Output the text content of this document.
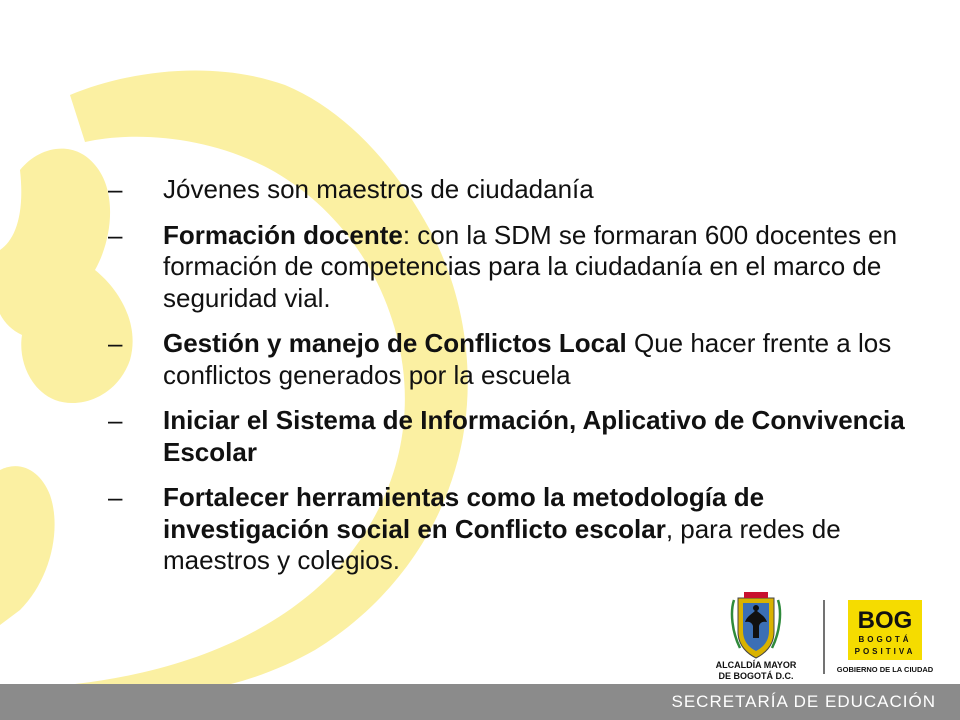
–	Jóvenes son maestros de ciudadanía
–	Formación docente: con la SDM se formaran 600 docentes en formación de competencias para la ciudadanía en el marco de seguridad vial.
–	Gestión y manejo de Conflictos Local Que hacer frente a los conflictos generados por la escuela
–	Iniciar el Sistema de Información, Aplicativo de Convivencia Escolar
–	Fortalecer herramientas como la metodología de investigación social en Conflicto escolar, para redes de maestros y colegios.
ALCALDÍA MAYOR
DE BOGOTÁ D.C.
BOG
BOGOTÁ
POSITIVA
GOBIERNO DE LA CIUDAD
SECRETARÍA DE EDUCACIÓN
